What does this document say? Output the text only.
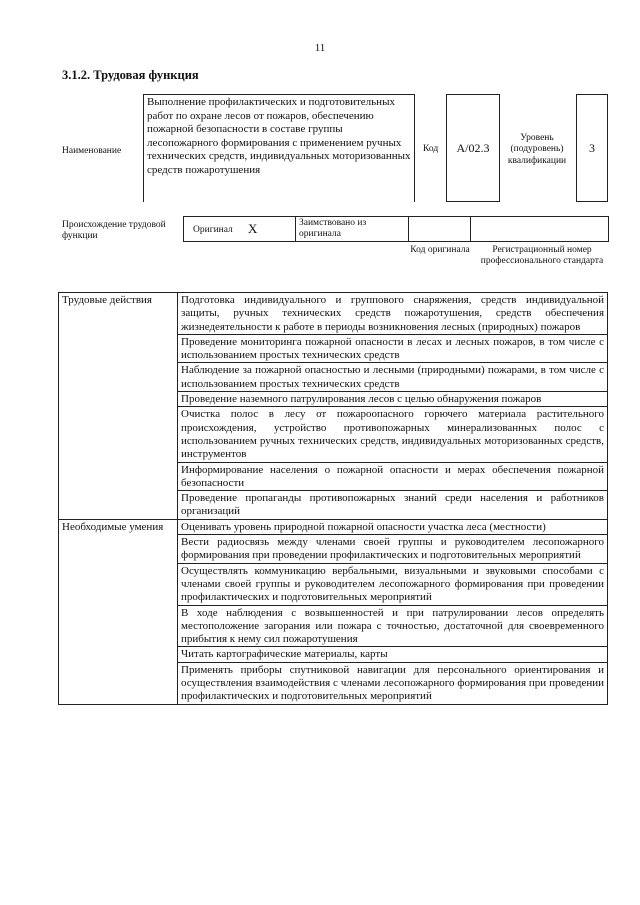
11
3.1.2. Трудовая функция
Наименование
Выполнение профилактических и подготовительных работ по охране лесов от пожаров, обеспечению пожарной безопасности в составе группы лесопожарного формирования с применением ручных технических средств, индивидуальных моторизованных средств пожаротушения
Код	A/02.3
Уровень (подуровень) квалификации
3
Происхождение трудовой функции
Оригинал X	Заимствовано из оригинала
Код оригинала	Регистрационный номер профессионального стандарта
Трудовые действия	Подготовка индивидуального и группового снаряжения, средств индивидуальной защиты, ручных технических средств пожаротушения, средств обеспечения жизнедеятельности к работе в периоды возникновения лесных (природных) пожаров
	Проведение мониторинга пожарной опасности в лесах и лесных пожаров, в том числе с использованием простых технических средств
	Наблюдение за пожарной опасностью и лесными (природными) пожарами, в том числе с использованием простых технических средств
	Проведение наземного патрулирования лесов с целью обнаружения пожаров
	Очистка полос в лесу от пожароопасного горючего материала растительного происхождения, устройство противопожарных минерализованных полос с использованием ручных технических средств, индивидуальных моторизованных средств, инструментов
	Информирование населения о пожарной опасности и мерах обеспечения пожарной безопасности
	Проведение пропаганды противопожарных знаний среди населения и работников организаций
Необходимые умения	Оценивать уровень природной пожарной опасности участка леса (местности)
	Вести радиосвязь между членами своей группы и руководителем лесопожарного формирования при проведении профилактических и подготовительных мероприятий
	Осуществлять коммуникацию вербальными, визуальными и звуковыми способами с членами своей группы и руководителем лесопожарного формирования при проведении профилактических и подготовительных мероприятий
	В ходе наблюдения с возвышенностей и при патрулировании лесов определять местоположение загорания или пожара с точностью, достаточной для своевременного прибытия к нему сил пожаротушения
	Читать картографические материалы, карты
	Применять приборы спутниковой навигации для персонального ориентирования и осуществления взаимодействия с членами лесопожарного формирования при проведении профилактических и подготовительных мероприятий
